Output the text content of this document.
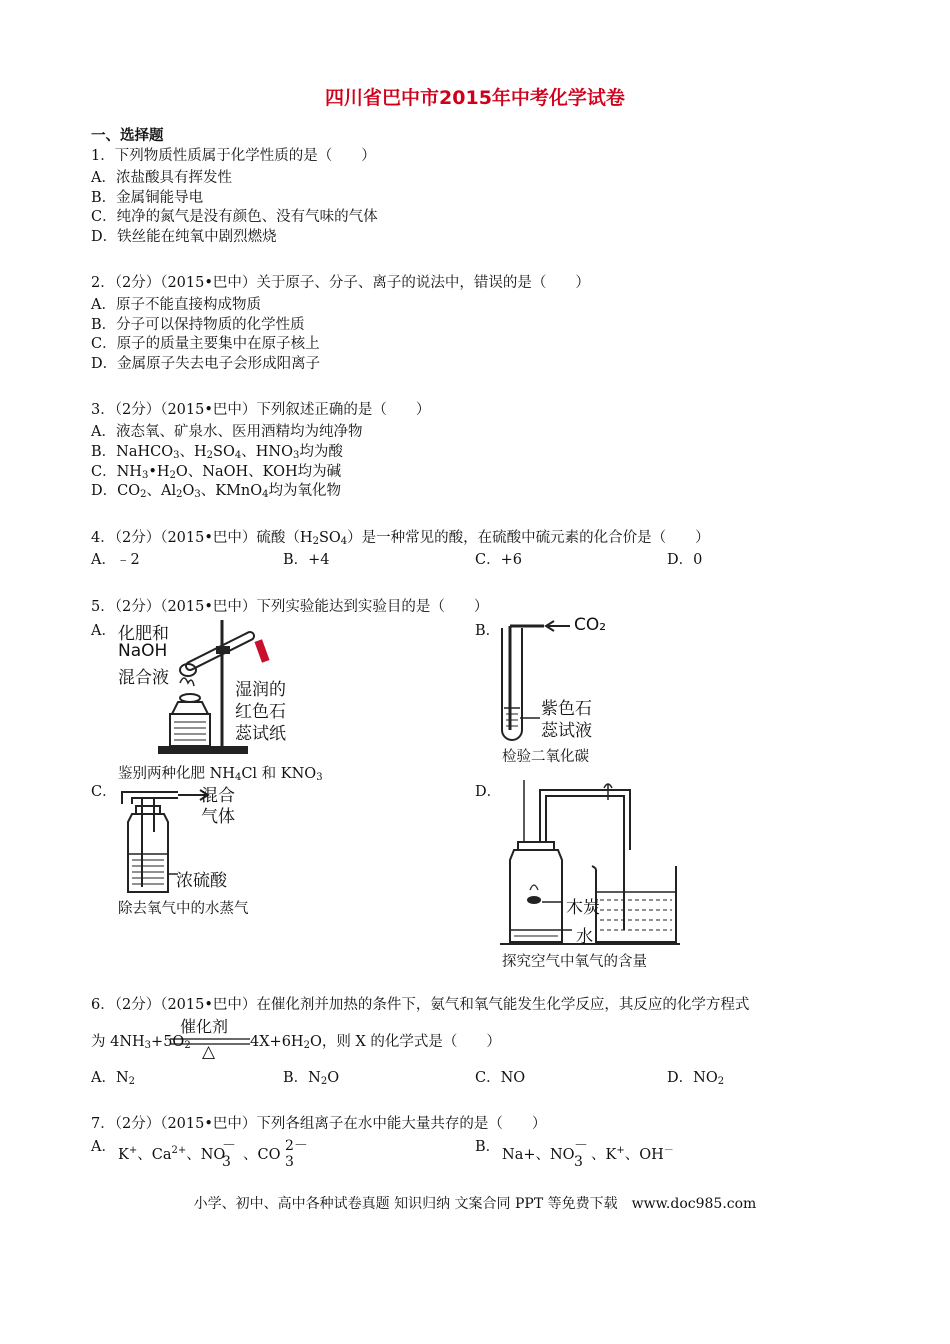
四川省巴中市2015年中考化学试卷
一、选择题
1．下列物质性质属于化学性质的是（　　）
A．浓盐酸具有挥发性
B．金属铜能导电
C．纯净的氮气是没有颜色、没有气味的气体
D．铁丝能在纯氧中剧烈燃烧
2．（2分）（2015•巴中）关于原子、分子、离子的说法中，错误的是（　　）
A．原子不能直接构成物质
B．分子可以保持物质的化学性质
C．原子的质量主要集中在原子核上
D．金属原子失去电子会形成阳离子
3．（2分）（2015•巴中）下列叙述正确的是（　　）
A．液态氧、矿泉水、医用酒精均为纯净物
B．NaHCO$_3$、$H_2SO_4$、$HNO_3$均为酸
C．$NH_3•H_2O$、NaOH、KOH均为碱
D．$CO_2$、$Al_2O_3$、KMnO$_4$均为氧化物
4．（2分）（2015•巴中）硫酸$(H_2SO_4)$是一种常见的酸，在硫酸中硫元素的化合价是（　　）
A．﹣2	B．+4	C．+6	D．0
5．（2分）（2015•巴中）下列实验能达到实验目的是（　　）
A． 化肥和
NaOH
混合液
湿润的
红色石
蕊试纸
鉴别两种化肥 $NH_4Cl$ 和 $KNO_3$
B．	CO₂
紫色石
蕊试液
检验二氧化碳
C．	混合
气体
浓硫酸
除去氧气中的水蒸气
D．
木炭
水
探究空气中氧气的含量
6．（2分）（2015•巴中）在催化剂并加热的条件下，氨气和氧气能发生化学反应，其反应的化学方程式
为 $4NH_3+5O_2$
催化剂
△ $4X+6H_2O$，则 X 的化学式是（　　）
A．$N_2$	B．$N_2O$	C．NO	D．$NO_2$
7．（2分）（2015•巴中）下列各组离子在水中能大量共存的是（　　）
A． K+、$Ca^{2+}$、NO
－
3 、CO
2－
3
B． Na+、NO
－
3 、K+、OH－
小学、初中、高中各种试卷真题 知识归纳 文案合同 PPT 等免费下载　www.doc985.com
